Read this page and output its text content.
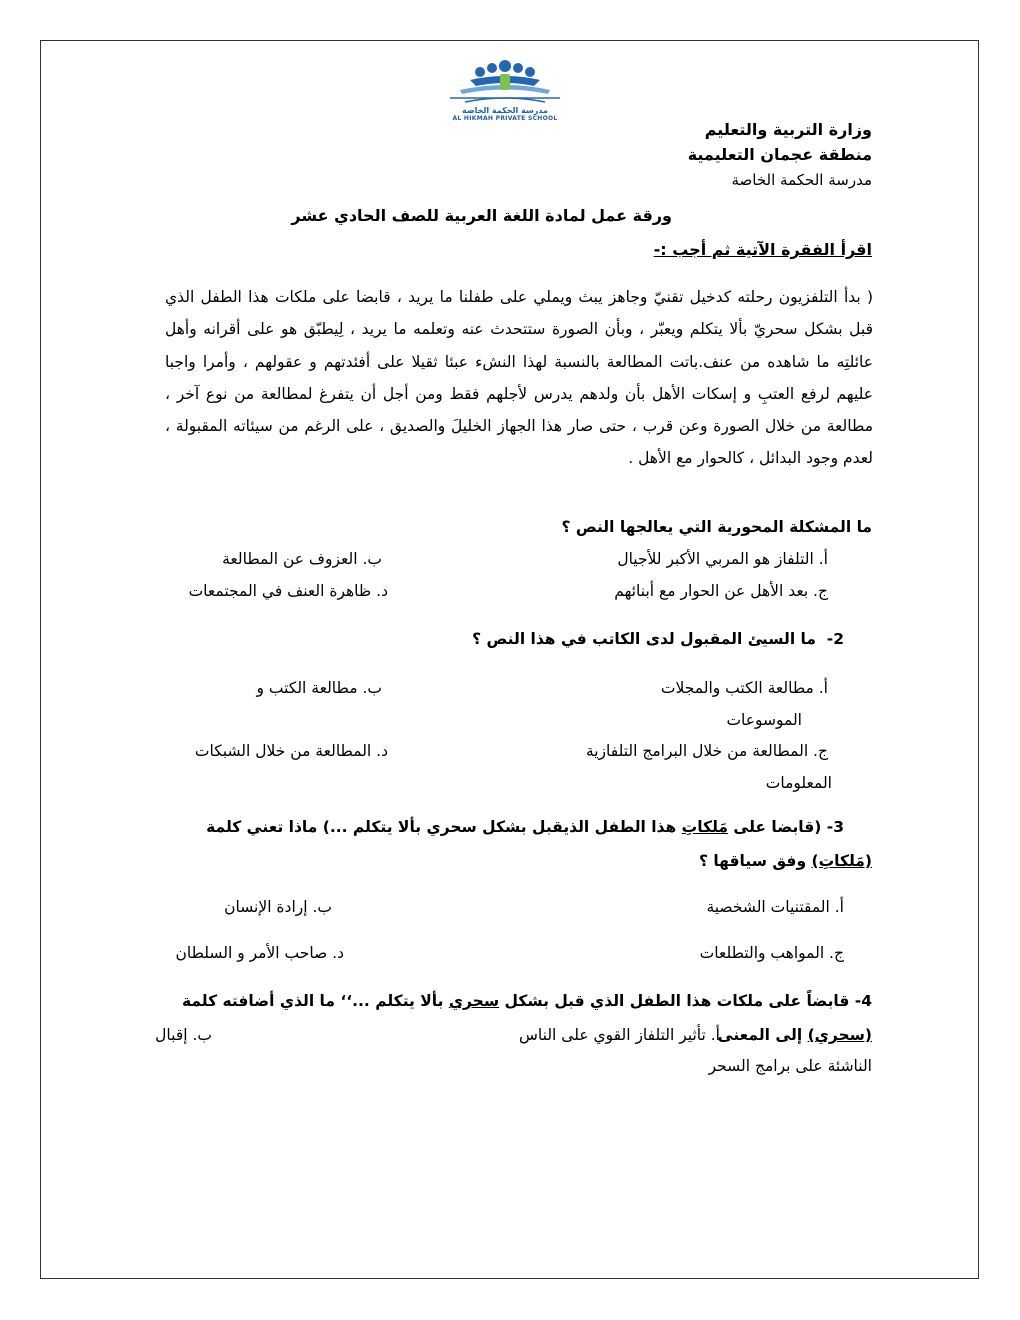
مدرسة الحكمة الخاصة
AL HIKMAH PRIVATE SCHOOL
وزارة التربية والتعليم
منطقة عجمان التعليمية
مدرسة الحكمة الخاصة
ورقة عمل لمادة اللغة العربية للصف الحادي عشر
اقرأ الفقرة الآتية ثم أجب :-
( بدأ التلفزيون رحلته كدخيل تقنيّ وجاهز يبث ويملي على طفلنا ما يريد ، قابضا على ملكات هذا الطفل الذي قبل بشكل سحريّ بألا يتكلم ويعبّر ، وبأن الصورة ستتحدث عنه وتعلمه ما يريد ، لِيطبّق هو على أقرانه وأهل عائلتِه ما شاهده من عنف.باتت المطالعة بالنسبة لهذا النشء عبئا ثقيلا على أفئدتهم و عقولهم ، وأمرا واجبا عليهم لرفع العتبِ و إسكات الأهل بأن ولدهم يدرس لأجلهم فقط ومن أجل أن يتفرغ لمطالعة من نوع آخر ، مطالعة من خلال الصورة وعن قرب ، حتى صار هذا الجهاز الخليلَ والصديق ، على الرغم من سيئاته المقبولة ، لعدم وجود البدائل ، كالحوار مع الأهل .
ما المشكلة المحورية التي يعالجها النص ؟
أ. التلفاز هو المربي الأكبر للأجيال
ب. العزوف عن المطالعة
ج. بعد الأهل عن الحوار مع أبنائهم
د. ظاهرة العنف في المجتمعات
2-  ما السيئ المقبول لدى الكاتب في هذا النص ؟
أ. مطالعة الكتب والمجلات
الموسوعات
ب. مطالعة الكتب و
ج. المطالعة من خلال البرامج التلفازية
المعلومات
د. المطالعة من خلال الشبكات
3- (قابضا على مَلكاتِ هذا الطفل الذيقبل بشكل سحري بألا يتكلم ...) ماذا تعني كلمة
(مَلكاتِ) وفق سياقها ؟
أ. المقتنيات الشخصية
ب. إرادة الإنسان
ج. المواهب والتطلعات
د. صاحب الأمر و السلطان
4- قابضاً على ملكات هذا الطفل الذي قبل بشكل سحري بألا يتكلم ...‘‘ ما الذي أضافته كلمة
(سحري) إلى المعنى
أ. تأثير التلفاز القوي على الناس
ب. إقبال
الناشئة على برامج السحر
